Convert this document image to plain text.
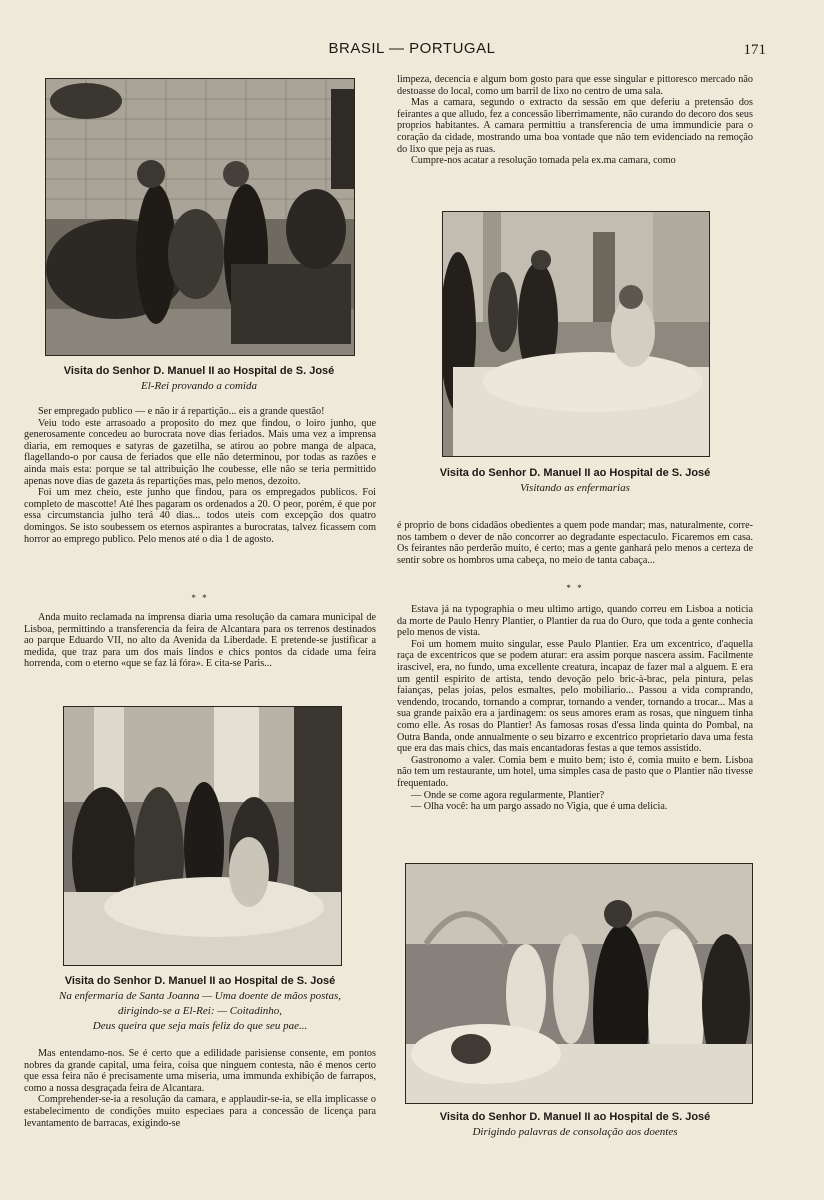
BRASIL — PORTUGAL	171
Visita do Senhor D. Manuel II ao Hospital de S. José
El-Rei provando a comida

Ser empregado publico — e não ir á repartição... eis a grande questão!

Veiu todo este arrasoado a proposito do mez que findou, o loiro junho, que generosamente concedeu ao burocrata nove dias feriados. Mais uma vez a imprensa diaria, em remoques e satyras de gazetilha, se atirou ao pobre manga de alpaca, flagellando-o por causa de feriados que elle não determinou, por todas as razões e ainda mais esta: porque se tal attribuição lhe coubesse, elle não se teria permittido apenas nove dias de gazeta ás repartições mas, pelo menos, dezoito.

Foi um mez cheio, este junho que findou, para os empregados publicos. Foi completo de mascotte! Até lhes pagaram os ordenados a 20. O peor, porém, é que por essa circumstancia julho terá 40 dias... todos uteis com excepção dos quatro domingos. Se isto soubessem os eternos aspirantes a burocratas, talvez ficassem com horror ao emprego publico. Pelo menos até o dia 1 de agosto.

* *

Anda muito reclamada na imprensa diaria uma resolução da camara municipal de Lisboa, permittindo a transferencia da feira de Alcantara para os terrenos destinados ao parque Eduardo VII, no alto da Avenida da Liberdade. E pretende-se justificar a medida, que traz para um dos mais lindos e chics pontos da cidade uma feira horrenda, com o eterno «que se faz lá fóra». E cita-se Paris...

Visita do Senhor D. Manuel II ao Hospital de S. José
Na enfermaria de Santa Joanna — Uma doente de mãos postas,
dirigindo-se a El-Rei: — Coitadinho,
Deus queira que seja mais feliz do que seu pae...

Mas entendamo-nos. Se é certo que a edilidade parisiense consente, em pontos nobres da grande capital, uma feira, coisa que ninguem contesta, não é menos certo que essa feira não é precisamente uma miseria, uma immunda exhibição de farrapos, como a nossa desgraçada feira de Alcantara.

Comprehender-se-ia a resolução da camara, e applaudir-se-ia, se ella implicasse o estabelecimento de condições muito especiaes para a concessão de licença para levantamento de barracas, exigindo-se

limpeza, decencia e algum bom gosto para que esse singular e pittoresco mercado não destoasse do local, como um barril de lixo no centro de uma sala.

Mas a camara, segundo o extracto da sessão em que deferiu a pretensão dos feirantes a que alludo, fez a concessão liberrimamente, não curando do decoro dos seus proprios habitantes. A camara permittiu a transferencia de uma immundicie para o coração da cidade, mostrando uma boa vontade que não tem evidenciado na remoção do lixo que peja as ruas.

Cumpre-nos acatar a resolução tomada pela ex.ma camara, como

Visita do Senhor D. Manuel II ao Hospital de S. José
Visitando as enfermarias

é proprio de bons cidadãos obedientes a quem pode mandar; mas, naturalmente, corre-nos tambem o dever de não concorrer ao degradante espectaculo. Ficaremos em casa. Os feirantes não perderão muito, é certo; mas a gente ganhará pelo menos a certeza de sentir sobre os hombros uma cabeça, no meio de tanta cabaça...

* *

Estava já na typographia o meu ultimo artigo, quando correu em Lisboa a noticia da morte de Paulo Henry Plantier, o Plantier da rua do Ouro, que toda a gente conhecia pelo menos de vista.

Foi um homem muito singular, esse Paulo Plantier. Era um excentrico, d'aquella raça de excentricos que se podem aturar: era assim porque nascera assim. Facilmente irascivel, era, no fundo, uma excellente creatura, incapaz de fazer mal a alguem. E era um gentil espirito de artista, tendo devoção pelo bric-à-brac, pela pintura, pelas faianças, pelas joias, pelos esmaltes, pelo mobiliario... Passou a vida comprando, vendendo, trocando, tornando a comprar, tornando a vender, tornando a trocar... Mas a sua grande paixão era a jardinagem: os seus amores eram as rosas, que ninguem tinha como elle. As rosas do Plantier! As famosas rosas d'essa linda quinta do Pombal, na Outra Banda, onde annualmente o seu bizarro e excentrico proprietario dava uma festa que era das mais chics, das mais encantadoras festas a que temos assistido.

Gastronomo a valer. Comia bem e muito bem; isto é, comia muito e bem. Lisboa não tem um restaurante, um hotel, uma simples casa de pasto que o Plantier não tivesse frequentado.

— Onde se come agora regularmente, Plantier?

— Olha você: ha um pargo assado no Vigia, que é uma delicia.

Visita do Senhor D. Manuel II ao Hospital de S. José
Dirigindo palavras de consolação aos doentes
